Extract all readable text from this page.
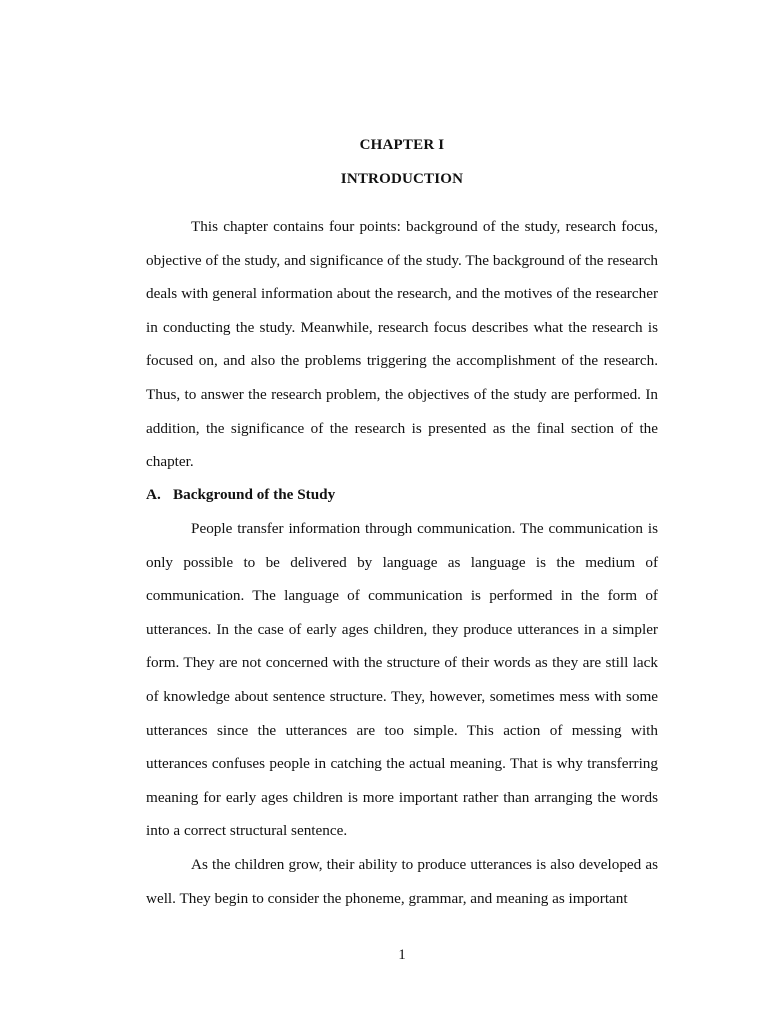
CHAPTER I
INTRODUCTION

This chapter contains four points: background of the study, research focus, objective of the study, and significance of the study. The background of the research deals with general information about the research, and the motives of the researcher in conducting the study. Meanwhile, research focus describes what the research is focused on, and also the problems triggering the accomplishment of the research. Thus, to answer the research problem, the objectives of the study are performed. In addition, the significance of the research is presented as the final section of the chapter.

A. Background of the Study

People transfer information through communication. The communication is only possible to be delivered by language as language is the medium of communication. The language of communication is performed in the form of utterances. In the case of early ages children, they produce utterances in a simpler form. They are not concerned with the structure of their words as they are still lack of knowledge about sentence structure. They, however, sometimes mess with some utterances since the utterances are too simple. This action of messing with utterances confuses people in catching the actual meaning. That is why transferring meaning for early ages children is more important rather than arranging the words into a correct structural sentence.

As the children grow, their ability to produce utterances is also developed as well. They begin to consider the phoneme, grammar, and meaning as important

1
